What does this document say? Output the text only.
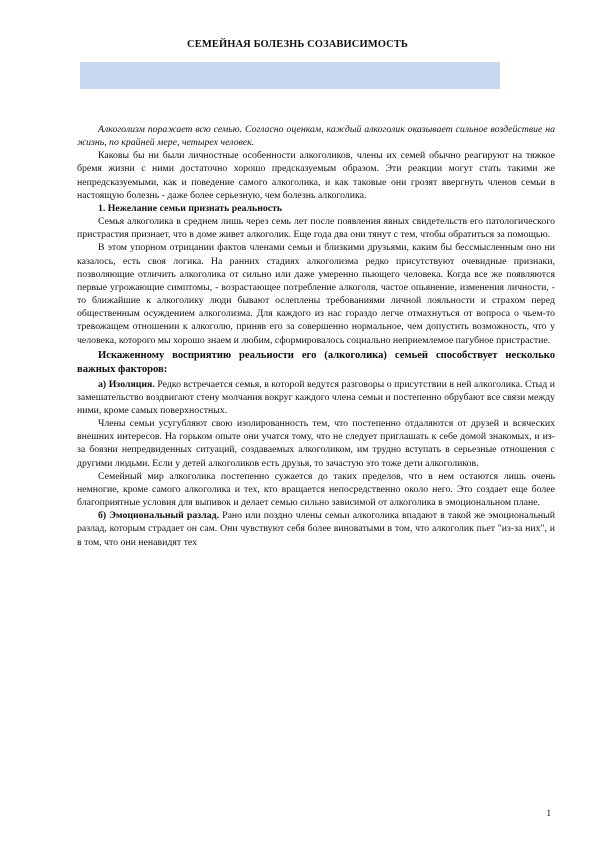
СЕМЕЙНАЯ БОЛЕЗНЬ СОЗАВИСИМОСТЬ

Алкоголизм поражает всю семью. Согласно оценкам, каждый алкоголик оказывает сильное воздействие на жизнь, по крайней мере, четырех человек.

Каковы бы ни были личностные особенности алкоголиков, члены их семей обычно реагируют на тяжкое бремя жизни с ними достаточно хорошо предсказуемым образом. Эти реакции могут стать такими же непредсказуемыми, как и поведение самого алкоголика, и как таковые они грозят ввергнуть членов семьи в настоящую болезнь - даже более серьезную, чем болезнь алкоголика.

1. Нежелание семьи признать реальность

Семья алкоголика в среднем лишь через семь лет после появления явных свидетельств его патологического пристрастия признает, что в доме живет алкоголик. Еще года два они тянут с тем, чтобы обратиться за помощью.

В этом упорном отрицании фактов членами семьи и близкими друзьями, каким бы бессмысленным оно ни казалось, есть своя логика. На ранних стадиях алкоголизма редко присутствуют очевидные признаки, позволяющие отличить алкоголика от сильно или даже умеренно пьющего человека. Когда все же появляются первые угрожающие симптомы, - возрастающее потребление алкоголя, частое опьянение, изменения личности, - то ближайшие к алкоголику люди бывают ослеплены требованиями личной лояльности и страхом перед общественным осуждением алкоголизма. Для каждого из нас гораздо легче отмахнуться от вопроса о чьем-то тревожащем отношении к алкоголю, приняв его за совершенно нормальное, чем допустить возможность, что у человека, которого мы хорошо знаем и любим, сформировалось социально неприемлемое пагубное пристрастие.

Искаженному восприятию реальности его (алкоголика) семьей способствует несколько важных факторов:

а) Изоляция. Редко встречается семья, в которой ведутся разговоры о присутствии в ней алкоголика. Стыд и замешательство воздвигают стену молчания вокруг каждого члена семьи и постепенно обрубают все связи между ними, кроме самых поверхностных.

Члены семьи усугубляют свою изолированность тем, что постепенно отдаляются от друзей и всяческих внешних интересов. На горьком опыте они учатся тому, что не следует приглашать к себе домой знакомых, и из-за боязни непредвиденных ситуаций, создаваемых алкоголиком, им трудно вступать в серьезные отношения с другими людьми. Если у детей алкоголиков есть друзья, то зачастую это тоже дети алкоголиков.

Семейный мир алкоголика постепенно сужается до таких пределов, что в нем остаются лишь очень немногие, кроме самого алкоголика и тех, кто вращается непосредственно около него. Это создает еще более благоприятные условия для выпивок и делает семью сильно зависимой от алкоголика в эмоциональном плане.

б) Эмоциональный разлад. Рано или поздно члены семьи алкоголика впадают в такой же эмоциональный разлад, которым страдает он сам. Они чувствуют себя более виноватыми в том, что алкоголик пьет "из-за них", и в том, что они ненавидят тех

1
